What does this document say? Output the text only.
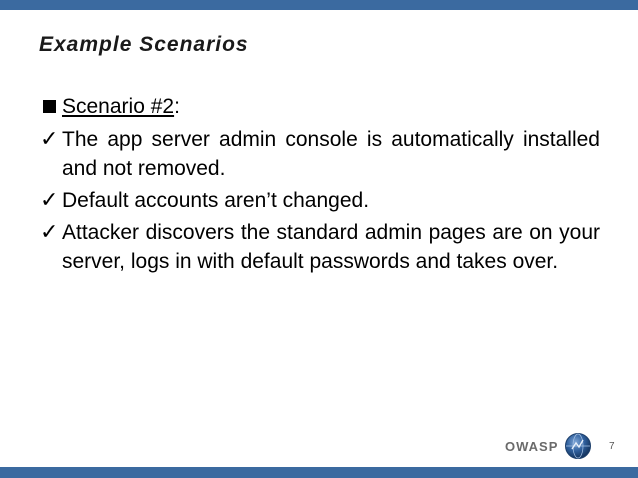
Example Scenarios
Scenario #2 :
✓ The app server admin console is automatically installed and not removed.
✓ Default accounts aren’t changed.
✓ Attacker discovers the standard admin pages are on your server, logs in with default passwords and takes over.
OWASP	7
